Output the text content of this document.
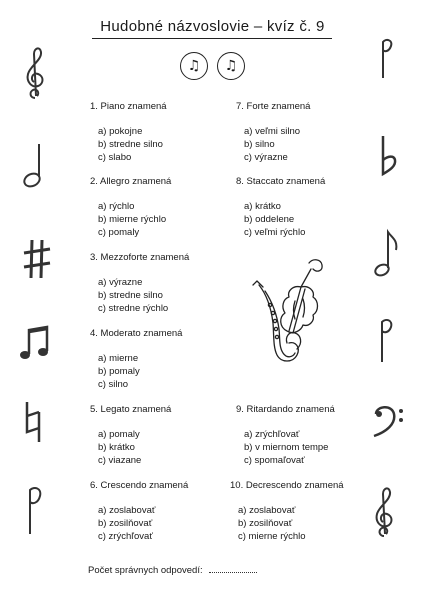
Hudobné názvoslovie – kvíz č. 9
♫ ♫
1. Piano znamená
a) pokojne
b) stredne silno
c) slabo
2. Allegro znamená
a) rýchlo
b) mierne rýchlo
c) pomaly
3. Mezzoforte znamená
a) výrazne
b) stredne silno
c) stredne rýchlo
4. Moderato znamená
a) mierne
b) pomaly
c) silno
5. Legato znamená
a) pomaly
b) krátko
c) viazane
6. Crescendo znamená
a) zoslabovať
b) zosilňovať
c) zrýchľovať
7. Forte znamená
a) veľmi silno
b) silno
c) výrazne
8. Staccato znamená
a) krátko
b) oddelene
c) veľmi rýchlo
9. Ritardando znamená
a) zrýchľovať
b) v miernom tempe
c) spomaľovať
10. Decrescendo znamená
a) zoslabovať
b) zosilňovať
c) mierne rýchlo
Počet správnych odpovedí:
